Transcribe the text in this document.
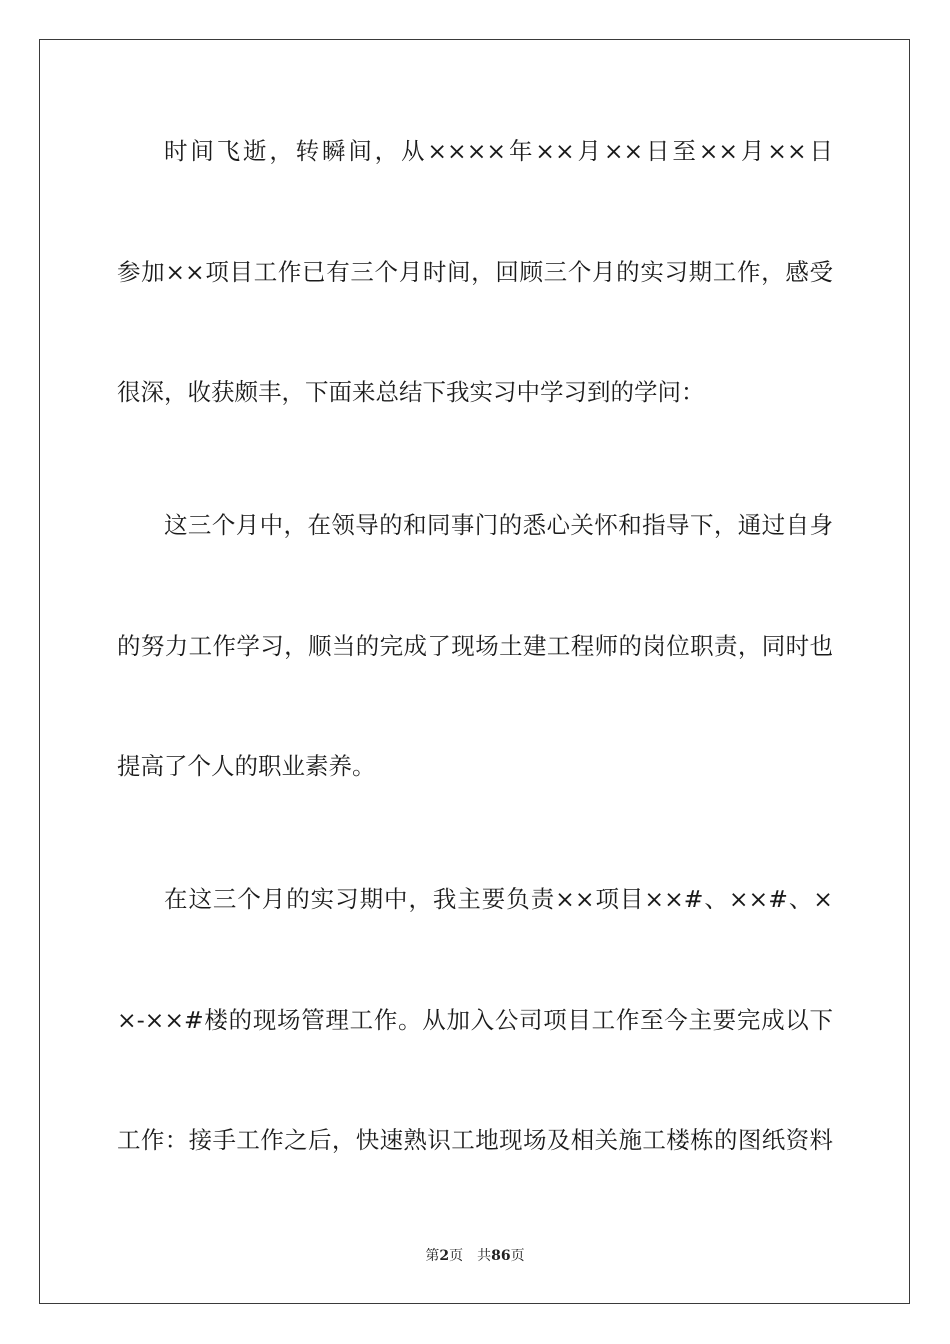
时间飞逝，转瞬间，从××××年××月××日至××月××日
参加××项目工作已有三个月时间，回顾三个月的实习期工作，感受
很深，收获颇丰，下面来总结下我实习中学习到的学问：
这三个月中，在领导的和同事门的悉心关怀和指导下，通过自身
的努力工作学习，顺当的完成了现场土建工程师的岗位职责，同时也
提高了个人的职业素养。
在这三个月的实习期中，我主要负责××项目××#、××#、×
×-××#楼的现场管理工作。从加入公司项目工作至今主要完成以下
工作：接手工作之后，快速熟识工地现场及相关施工楼栋的图纸资料
第2页 共86页
